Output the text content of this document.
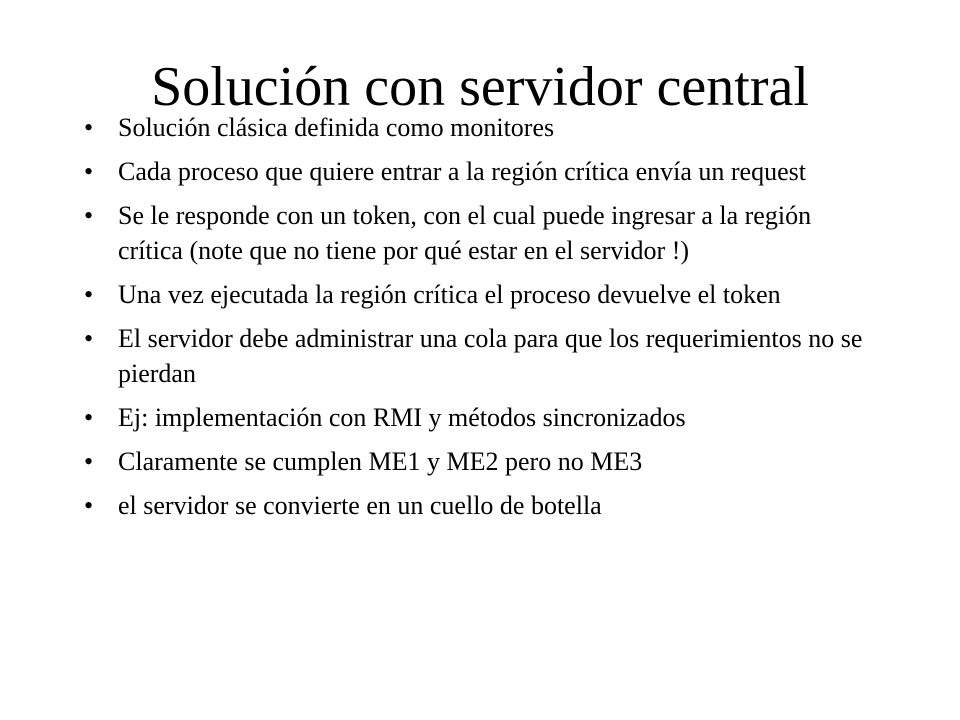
Solución con servidor central
• Solución clásica definida como monitores
• Cada proceso que quiere entrar a la región crítica envía un request
• Se le responde con un token, con el cual puede ingresar a la región crítica (note que no tiene por qué estar en el servidor !)
• Una vez ejecutada la región crítica el proceso devuelve el token
• El servidor debe administrar una cola para que los requerimientos no se pierdan
• Ej: implementación con RMI y métodos sincronizados
• Claramente se cumplen ME1 y ME2 pero no ME3
• el servidor se convierte en un cuello de botella
